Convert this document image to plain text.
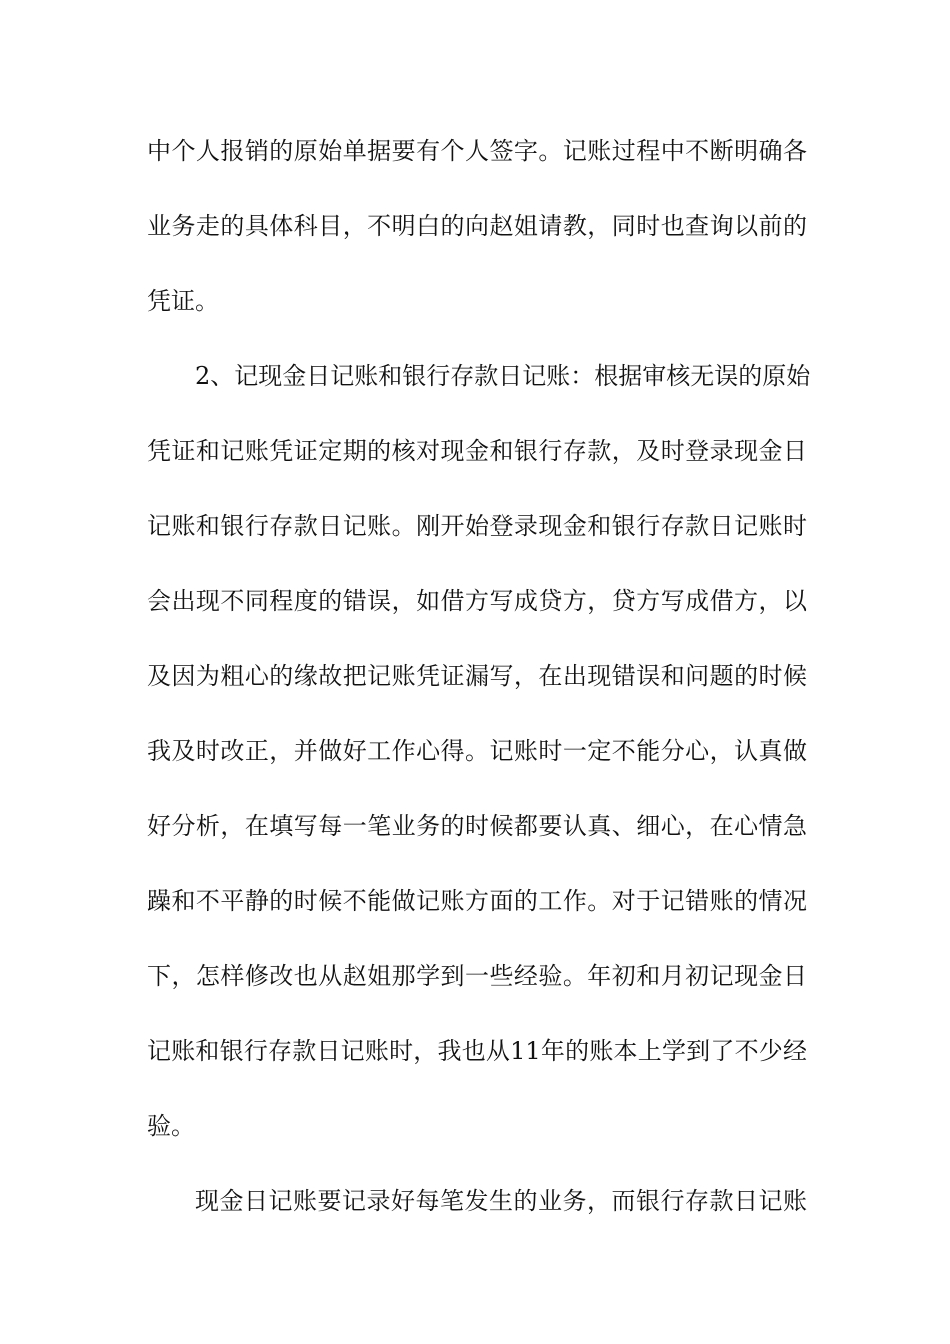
中个人报销的原始单据要有个人签字。记账过程中不断明确各
业务走的具体科目，不明白的向赵姐请教，同时也查询以前的
凭证。
2、记现金日记账和银行存款日记账：根据审核无误的原始
凭证和记账凭证定期的核对现金和银行存款，及时登录现金日
记账和银行存款日记账。刚开始登录现金和银行存款日记账时
会出现不同程度的错误，如借方写成贷方，贷方写成借方，以
及因为粗心的缘故把记账凭证漏写，在出现错误和问题的时候
我及时改正，并做好工作心得。记账时一定不能分心，认真做
好分析，在填写每一笔业务的时候都要认真、细心，在心情急
躁和不平静的时候不能做记账方面的工作。对于记错账的情况
下，怎样修改也从赵姐那学到一些经验。年初和月初记现金日
记账和银行存款日记账时，我也从11年的账本上学到了不少经
验。
现金日记账要记录好每笔发生的业务，而银行存款日记账
